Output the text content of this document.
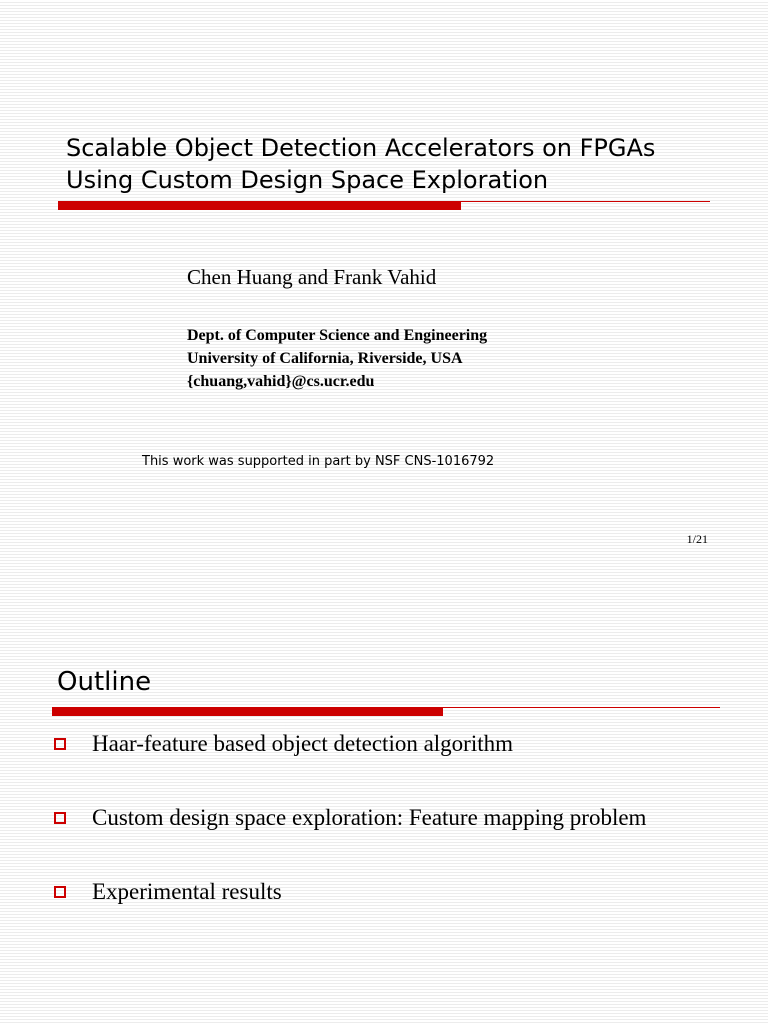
Scalable Object Detection Accelerators on FPGAs
Using Custom Design Space Exploration
Chen Huang and Frank Vahid
Dept. of Computer Science and Engineering
University of California, Riverside, USA
{chuang,vahid}@cs.ucr.edu
This work was supported in part by NSF CNS-1016792
1/21
Outline
Haar-feature based object detection algorithm
Custom design space exploration: Feature mapping problem
Experimental results
